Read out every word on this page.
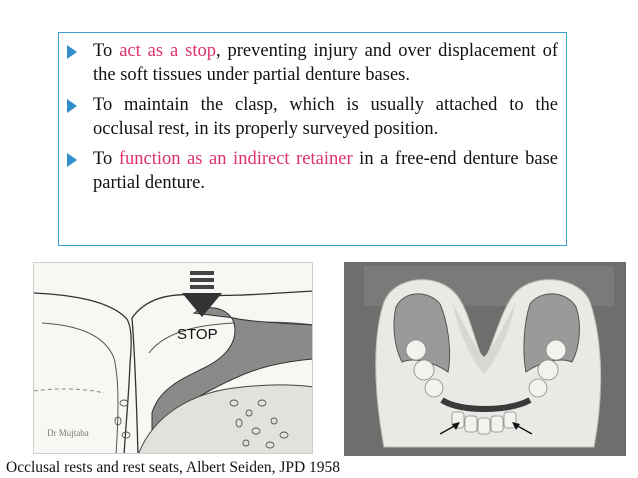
To act as a stop, preventing injury and over displacement of the soft tissues under partial denture bases.
To maintain the clasp, which is usually attached to the occlusal rest, in its properly surveyed position.
To function as an indirect retainer in a free-end denture base partial denture.
STOP
Dr Mujtaba
Occlusal rests and rest seats, Albert Seiden, JPD 1958
